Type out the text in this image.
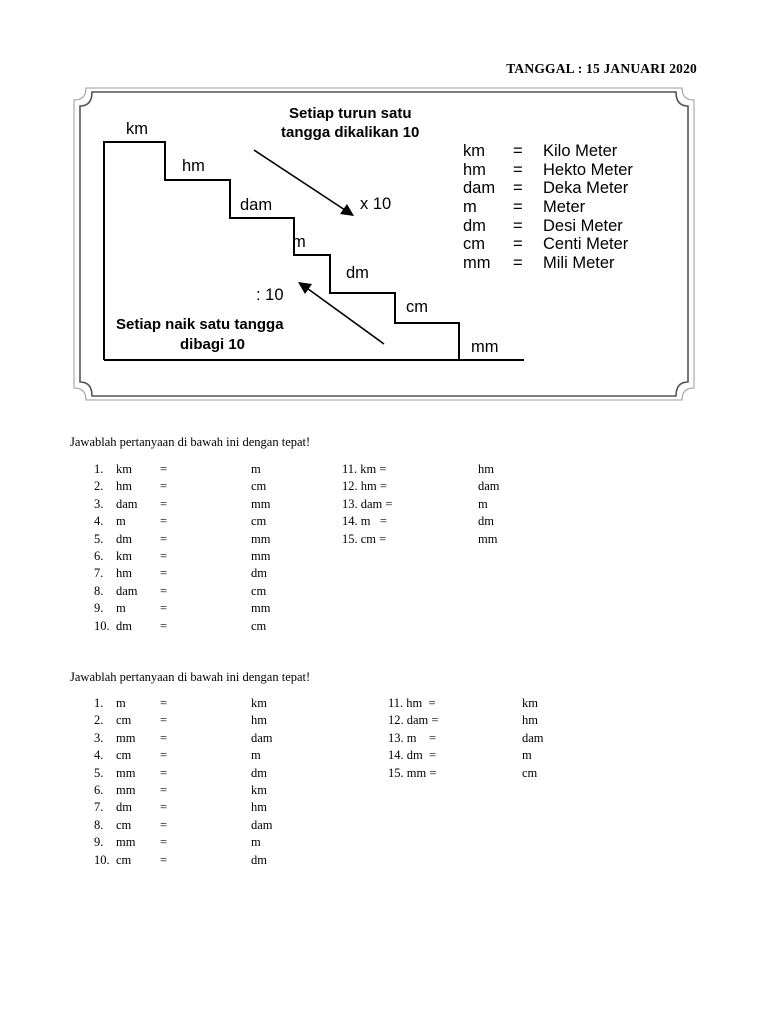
TANGGAL : 15 JANUARI 2020
km
hm
dam
m
dm
cm
mm
Setiap turun satu
tangga dikalikan 10
x 10
: 10
Setiap naik satu tangga
dibagi 10
km	=	Kilo Meter
hm	=	Hekto Meter
dam	=	Deka Meter
m	=	Meter
dm	=	Desi Meter
cm	=	Centi Meter
mm	=	Mili Meter
Jawablah pertanyaan di bawah ini dengan tepat!
1. km =	m
2. hm =	cm
3. dam =	mm
4. m	=	cm
5. dm =	mm
6. km =	mm
7. hm =	dm
8. dam =	cm
9. m	=	mm
10. dm =	cm
11. km =	hm
12. hm =	dam
13. dam =	m
14. m   =	dm
15. cm =	mm
Jawablah pertanyaan di bawah ini dengan tepat!
1. m	=	km
2. cm =	hm
3. mm =	dam
4. cm =	m
5. mm =	dm
6. mm =	km
7. dm =	hm
8. cm =	dam
9. mm =	m
10. cm =	dm
11. hm  =	km
12. dam =	hm
13. m    =	dam
14. dm  =	m
15. mm =	cm
